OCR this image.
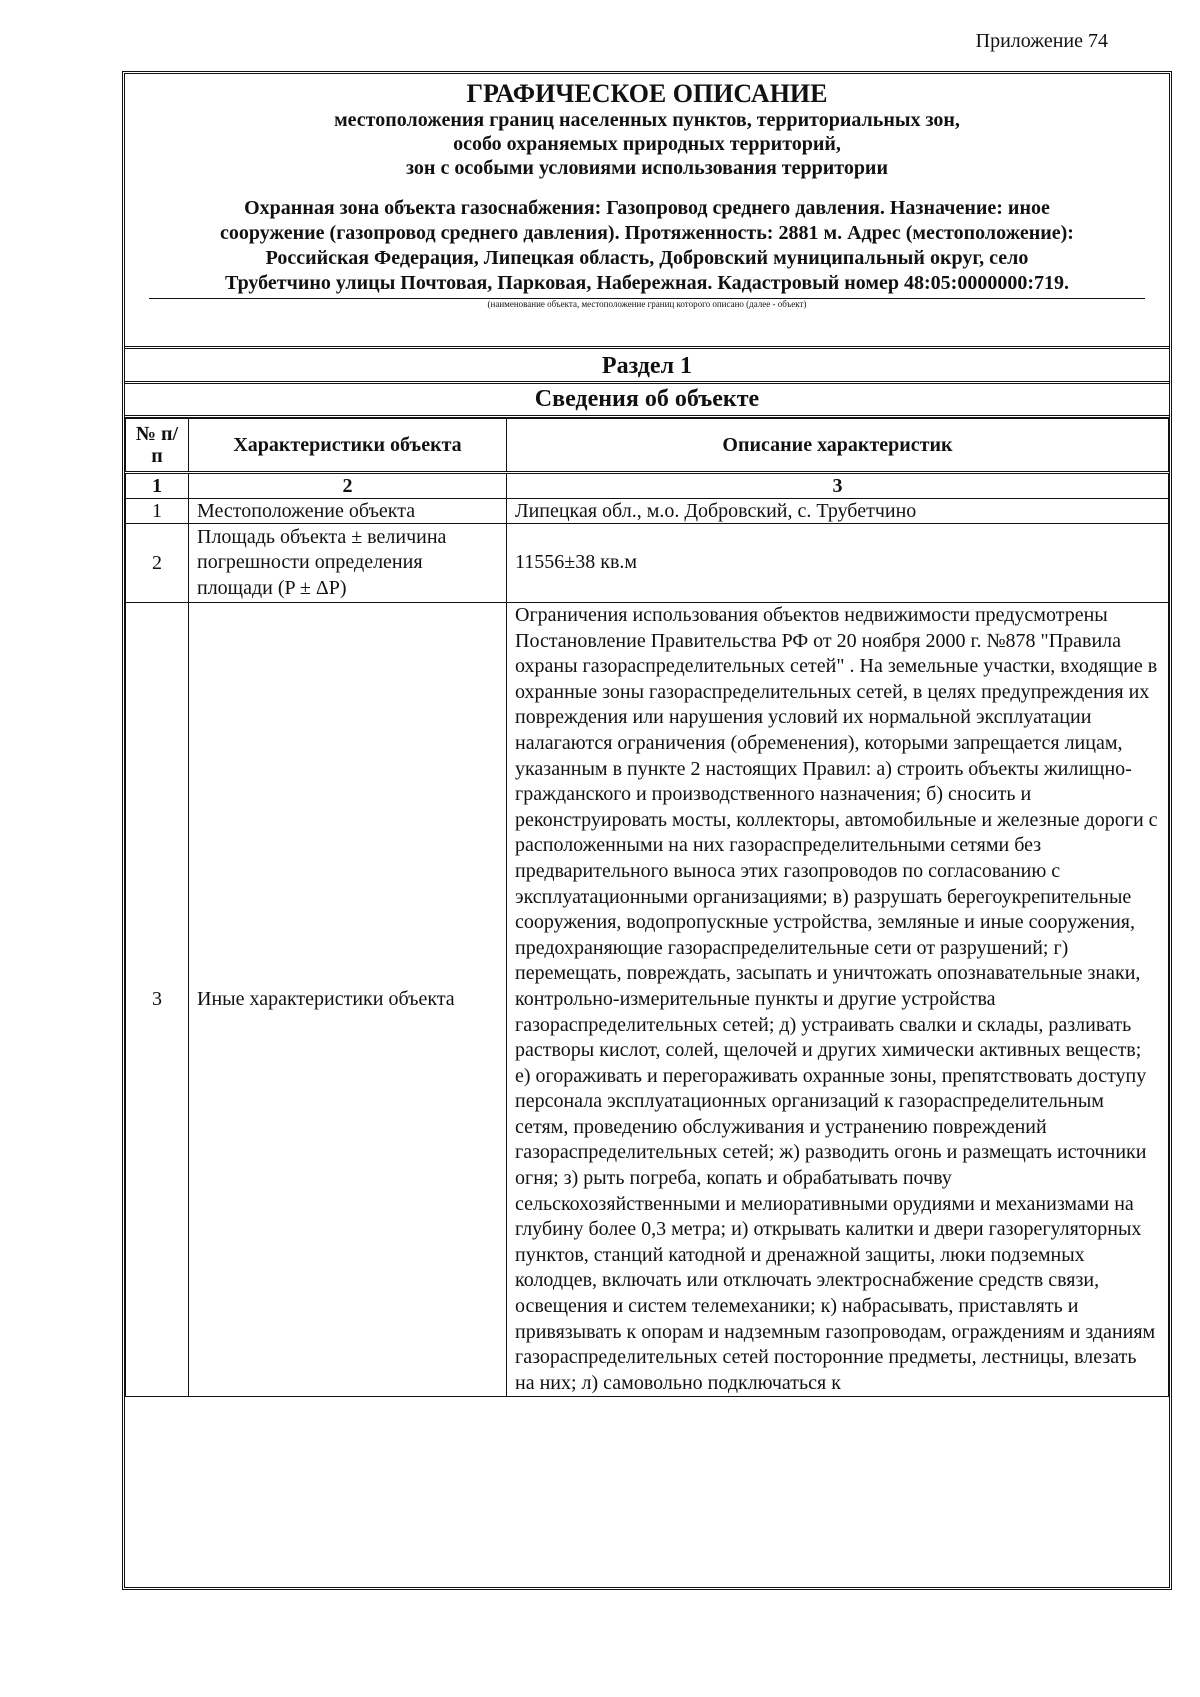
Приложение 74
ГРАФИЧЕСКОЕ ОПИСАНИЕ
местоположения границ населенных пунктов, территориальных зон,
особо охраняемых природных территорий,
зон с особыми условиями использования территории
Охранная зона объекта газоснабжения: Газопровод среднего давления. Назначение: иное
сооружение (газопровод среднего давления). Протяженность: 2881 м. Адрес (местоположение):
Российская Федерация, Липецкая область, Добровский муниципальный округ, село
Трубетчино улицы Почтовая, Парковая, Набережная. Кадастровый номер 48:05:0000000:719.
(наименование объекта, местоположение границ которого описано (далее - объект)
Раздел 1
Сведения об объекте
№ п/п	Характеристики объекта	Описание характеристик
1	2	3
1	Местоположение объекта	Липецкая обл., м.о. Добровский, с. Трубетчино
2	Площадь объекта ± величина погрешности определения площади (P ± ΔP)	11556±38 кв.м
3	Иные характеристики объекта	Ограничения использования объектов недвижимости предусмотрены Постановление Правительства РФ от 20 ноября 2000 г. №878 "Правила охраны газораспределительных сетей" . На земельные участки, входящие в охранные зоны газораспределительных сетей, в целях предупреждения их повреждения или нарушения условий их нормальной эксплуатации налагаются ограничения (обременения), которыми запрещается лицам, указанным в пункте 2 настоящих Правил: а) строить объекты жилищно-гражданского и производственного назначения; б) сносить и реконструировать мосты, коллекторы, автомобильные и железные дороги с расположенными на них газораспределительными сетями без предварительного выноса этих газопроводов по согласованию с эксплуатационными организациями; в) разрушать берегоукрепительные сооружения, водопропускные устройства, земляные и иные сооружения, предохраняющие газораспределительные сети от разрушений; г) перемещать, повреждать, засыпать и уничтожать опознавательные знаки, контрольно-измерительные пункты и другие устройства газораспределительных сетей; д) устраивать свалки и склады, разливать растворы кислот, солей, щелочей и других химически активных веществ; е) огораживать и перегораживать охранные зоны, препятствовать доступу персонала эксплуатационных организаций к газораспределительным сетям, проведению обслуживания и устранению повреждений газораспределительных сетей; ж) разводить огонь и размещать источники огня; з) рыть погреба, копать и обрабатывать почву сельскохозяйственными и мелиоративными орудиями и механизмами на глубину более 0,3 метра; и) открывать калитки и двери газорегуляторных пунктов, станций катодной и дренажной защиты, люки подземных колодцев, включать или отключать электроснабжение средств связи, освещения и систем телемеханики; к) набрасывать, приставлять и привязывать к опорам и надземным газопроводам, ограждениям и зданиям газораспределительных сетей посторонние предметы, лестницы, влезать на них; л) самовольно подключаться к
